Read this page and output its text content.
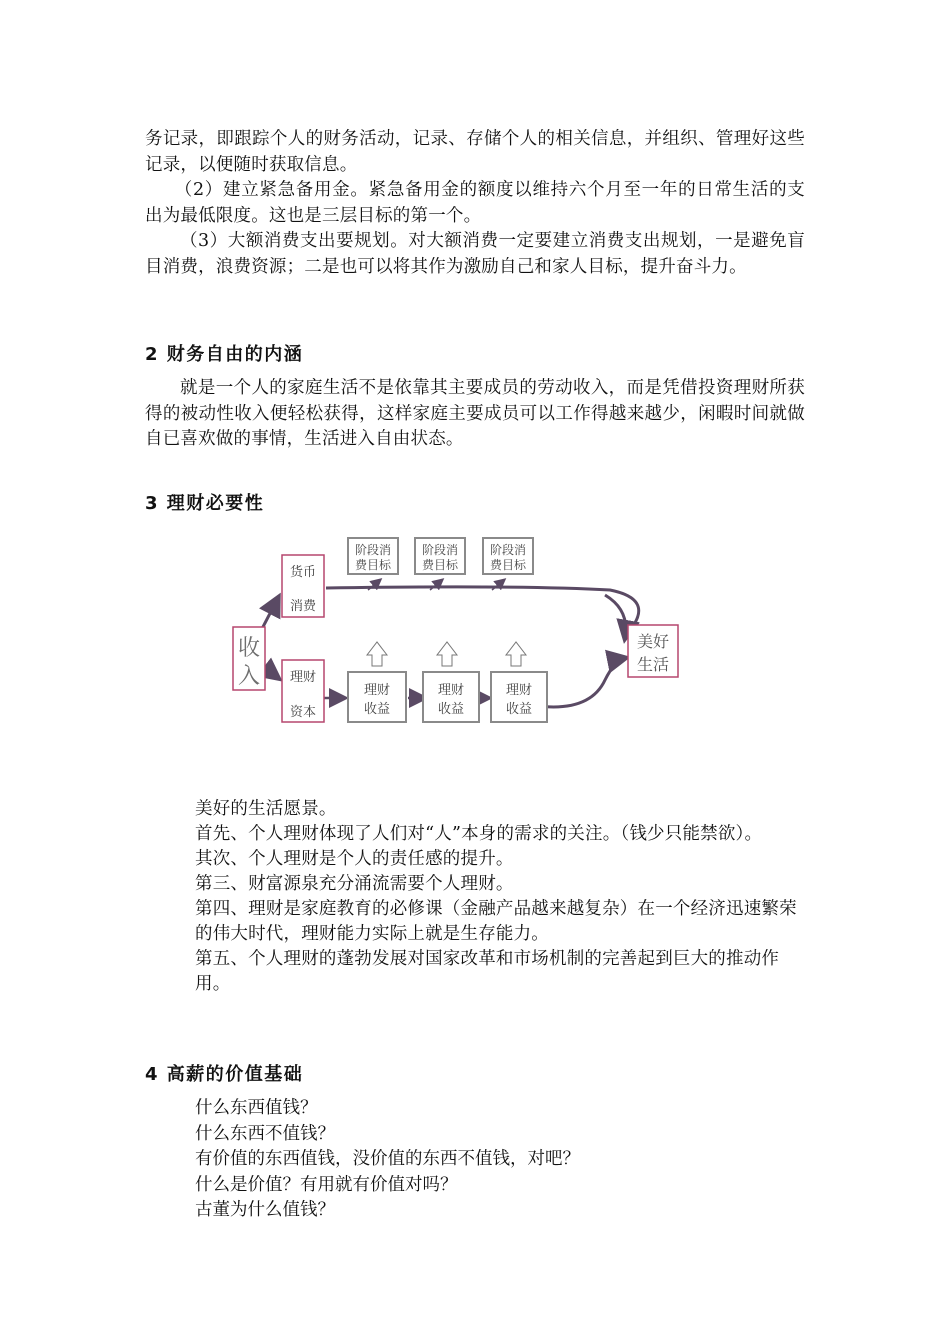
务记录，即跟踪个人的财务活动，记录、存储个人的相关信息，并组织、管理好这些记录，以便随时获取信息。

（2）建立紧急备用金。紧急备用金的额度以维持六个月至一年的日常生活的支出为最低限度。这也是三层目标的第一个。

（3）大额消费支出要规划。对大额消费一定要建立消费支出规划，一是避免盲目消费，浪费资源；二是也可以将其作为激励自己和家人目标，提升奋斗力。

2 财务自由的内涵

就是一个人的家庭生活不是依靠其主要成员的劳动收入，而是凭借投资理财所获得的被动性收入便轻松获得，这样家庭主要成员可以工作得越来越少，闲暇时间就做自已喜欢做的事情，生活进入自由状态。

3 理财必要性
收
入
货币
消费
理财
资本
阶段消
费目标
阶段消
费目标
阶段消
费目标
理财
收益
理财
收益
理财
收益
美好
生活

美好的生活愿景。

首先、个人理财体现了人们对“人”本身的需求的关注。（钱少只能禁欲）。

其次、个人理财是个人的责任感的提升。

第三、财富源泉充分涌流需要个人理财。

第四、理财是家庭教育的必修课（金融产品越来越复杂）在一个经济迅速繁荣的伟大时代，理财能力实际上就是生存能力。

第五、个人理财的蓬勃发展对国家改革和市场机制的完善起到巨大的推动作用。

4 高薪的价值基础

什么东西值钱？

什么东西不值钱？

有价值的东西值钱，没价值的东西不值钱，对吧？

什么是价值？有用就有价值对吗？

古董为什么值钱？
